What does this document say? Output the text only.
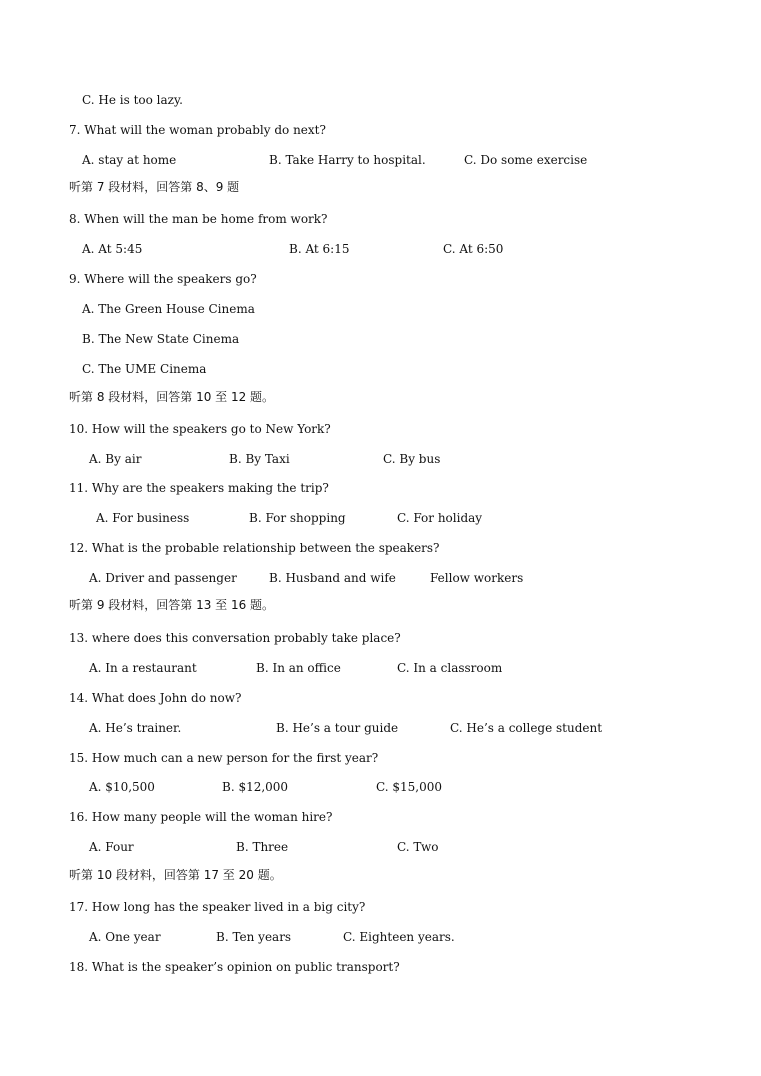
C. He is too lazy.
7. What will the woman probably do next?
A. stay at home	B. Take Harry to hospital.	C. Do some exercise
听第 7 段材料，回答第 8、9 题
8. When will the man be home from work?
A. At 5:45	B. At 6:15	C. At 6:50
9. Where will the speakers go?
A. The Green House Cinema
B. The New State Cinema
C. The UME Cinema
听第 8 段材料，回答第 10 至 12 题。
10. How will the speakers go to New York?
A. By air	B. By Taxi	C. By bus
11. Why are the speakers making the trip?
A. For business	B. For shopping	C. For holiday
12. What is the probable relationship between the speakers?
A. Driver and passenger	B. Husband and wife	Fellow workers
听第 9 段材料，回答第 13 至 16 题。
13. where does this conversation probably take place?
A. In a restaurant	B. In an office	C. In a classroom
14. What does John do now?
A. He’s trainer.	B. He’s a tour guide	C. He’s a college student
15. How much can a new person for the first year?
A. $10,500	B. $12,000	C. $15,000
16. How many people will the woman hire?
A. Four	B. Three	C. Two
听第 10 段材料，回答第 17 至 20 题。
17. How long has the speaker lived in a big city?
A. One year	B. Ten years	C. Eighteen years.
18. What is the speaker’s opinion on public transport?
